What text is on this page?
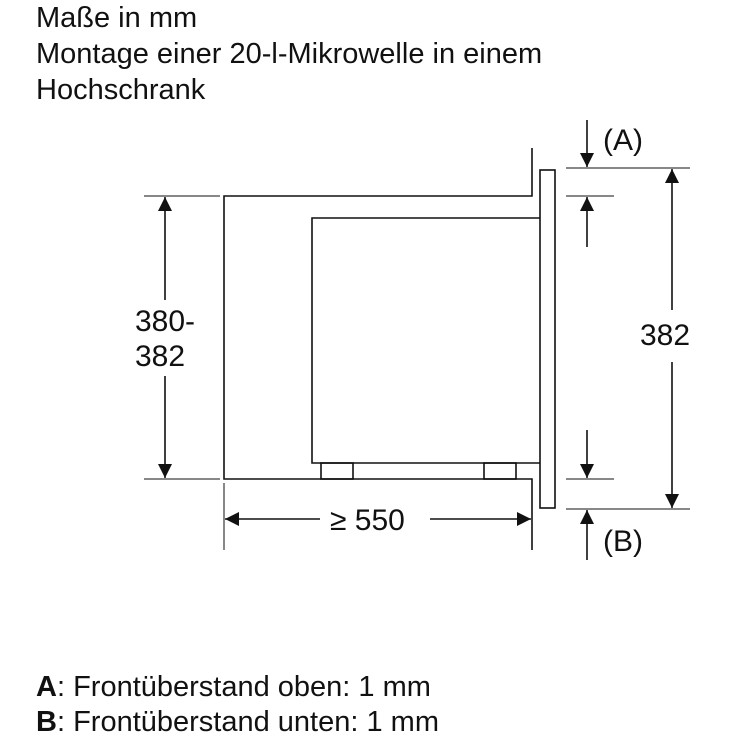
Maße in mm
Montage einer 20-l-Mikrowelle in einem
Hochschrank
380-
382
382
(A)
(B)
≥ 550
A: Frontüberstand oben: 1 mm
B: Frontüberstand unten: 1 mm
